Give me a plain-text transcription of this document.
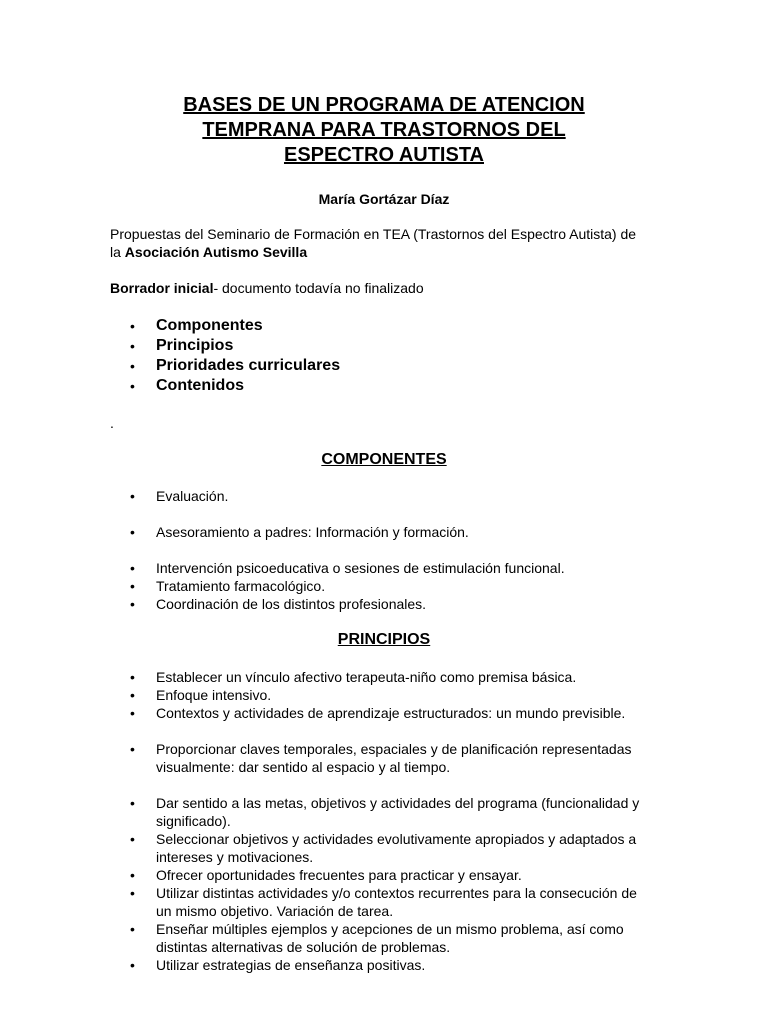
BASES DE UN PROGRAMA DE ATENCION
TEMPRANA PARA TRASTORNOS DEL
ESPECTRO AUTISTA
María Gortázar Díaz
Propuestas del Seminario de Formación en TEA (Trastornos del Espectro Autista) de la Asociación Autismo Sevilla
Borrador inicial- documento todavía no finalizado
• Componentes
• Principios
• Prioridades curriculares
• Contenidos
.
COMPONENTES
• Evaluación.
• Asesoramiento a padres: Información y formación.
• Intervención psicoeducativa o sesiones de estimulación funcional.
• Tratamiento farmacológico.
• Coordinación de los distintos profesionales.
PRINCIPIOS
• Establecer un vínculo afectivo terapeuta-niño como premisa básica.
• Enfoque intensivo.
• Contextos y actividades de aprendizaje estructurados: un mundo previsible.
• Proporcionar claves temporales, espaciales y de planificación representadas visualmente: dar sentido al espacio y al tiempo.
• Dar sentido a las metas, objetivos y actividades del programa (funcionalidad y significado).
• Seleccionar objetivos y actividades evolutivamente apropiados y adaptados a intereses y motivaciones.
• Ofrecer oportunidades frecuentes para practicar y ensayar.
• Utilizar distintas actividades y/o contextos recurrentes para la consecución de un mismo objetivo. Variación de tarea.
• Enseñar múltiples ejemplos y acepciones de un mismo problema, así como distintas alternativas de solución de problemas.
• Utilizar estrategias de enseñanza positivas.
